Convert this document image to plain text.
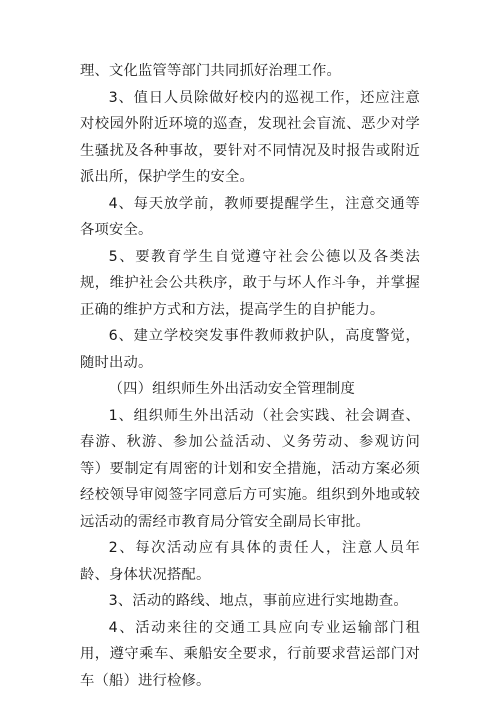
理、文化监管等部门共同抓好治理工作。

3、值日人员除做好校内的巡视工作，还应注意对校园外附近环境的巡查，发现社会盲流、恶少对学生骚扰及各种事故，要针对不同情况及时报告或附近派出所，保护学生的安全。

4、每天放学前，教师要提醒学生，注意交通等各项安全。

5、要教育学生自觉遵守社会公德以及各类法规，维护社会公共秩序，敢于与坏人作斗争，并掌握正确的维护方式和方法，提高学生的自护能力。

6、建立学校突发事件教师救护队，高度警觉，随时出动。

（四）组织师生外出活动安全管理制度

1、组织师生外出活动（社会实践、社会调查、春游、秋游、参加公益活动、义务劳动、参观访问等）要制定有周密的计划和安全措施，活动方案必须经校领导审阅签字同意后方可实施。组织到外地或较远活动的需经市教育局分管安全副局长审批。

2、每次活动应有具体的责任人，注意人员年龄、身体状况搭配。

3、活动的路线、地点，事前应进行实地勘查。

4、活动来往的交通工具应向专业运输部门租用，遵守乘车、乘船安全要求，行前要求营运部门对车（船）进行检修。
